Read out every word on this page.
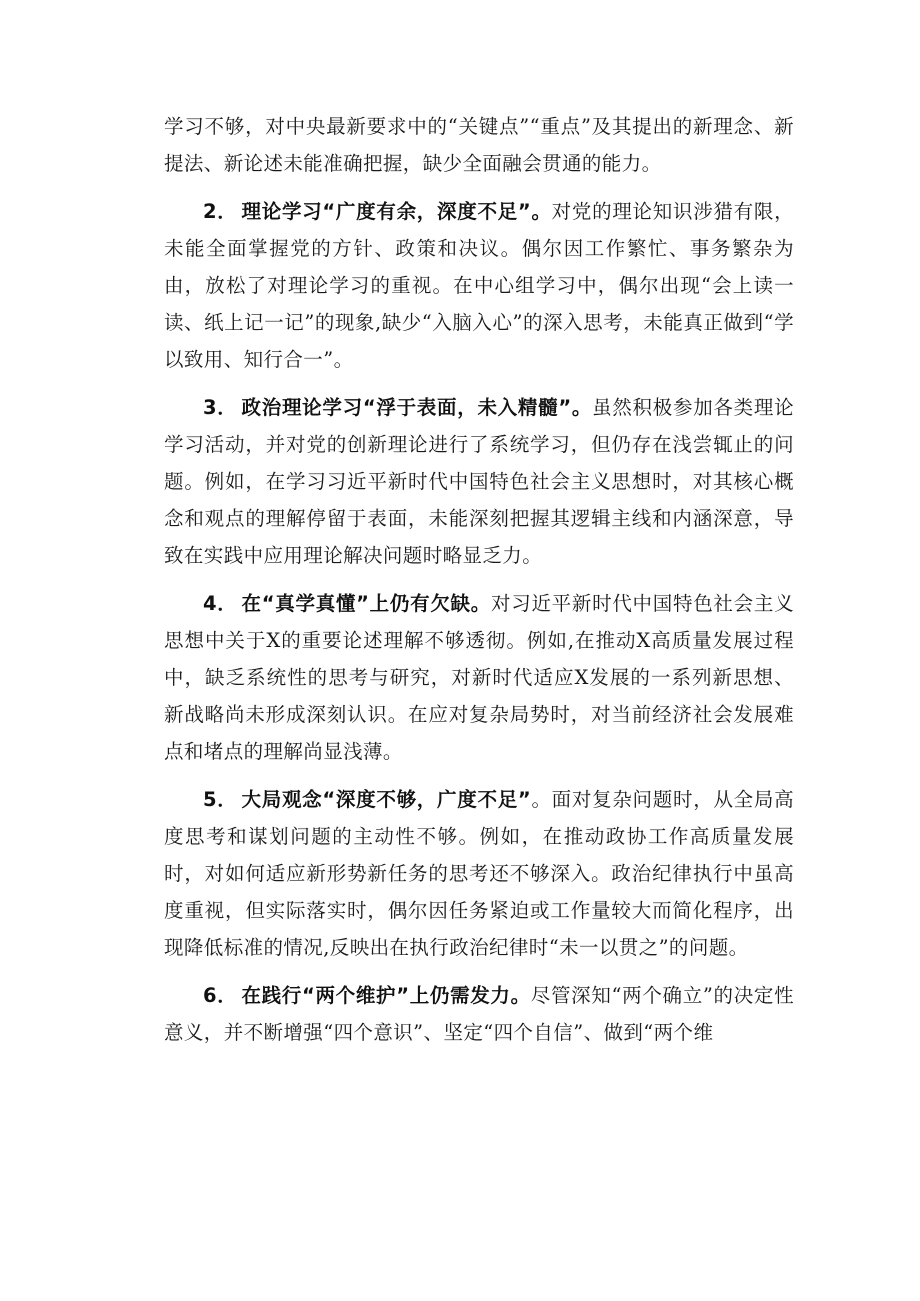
学习不够，对中央最新要求中的“关键点”“重点”及其提出的新理念、新提法、新论述未能准确把握，缺少全面融会贯通的能力。

2． 理论学习“广度有余，深度不足”。对党的理论知识涉猎有限，未能全面掌握党的方针、政策和决议。偶尔因工作繁忙、事务繁杂为由，放松了对理论学习的重视。在中心组学习中，偶尔出现“会上读一读、纸上记一记”的现象,缺少“入脑入心”的深入思考，未能真正做到“学以致用、知行合一”。

3． 政治理论学习“浮于表面，未入精髓”。虽然积极参加各类理论学习活动，并对党的创新理论进行了系统学习，但仍存在浅尝辄止的问题。例如，在学习习近平新时代中国特色社会主义思想时，对其核心概念和观点的理解停留于表面，未能深刻把握其逻辑主线和内涵深意，导致在实践中应用理论解决问题时略显乏力。

4． 在“真学真懂”上仍有欠缺。对习近平新时代中国特色社会主义思想中关于X的重要论述理解不够透彻。例如,在推动X高质量发展过程中，缺乏系统性的思考与研究，对新时代适应X发展的一系列新思想、新战略尚未形成深刻认识。在应对复杂局势时，对当前经济社会发展难点和堵点的理解尚显浅薄。

5． 大局观念“深度不够，广度不足”。面对复杂问题时，从全局高度思考和谋划问题的主动性不够。例如，在推动政协工作高质量发展时，对如何适应新形势新任务的思考还不够深入。政治纪律执行中虽高度重视，但实际落实时，偶尔因任务紧迫或工作量较大而简化程序，出现降低标准的情况,反映出在执行政治纪律时“未一以贯之”的问题。

6． 在践行“两个维护”上仍需发力。尽管深知“两个确立”的决定性意义，并不断增强“四个意识”、坚定“四个自信”、做到“两个维
